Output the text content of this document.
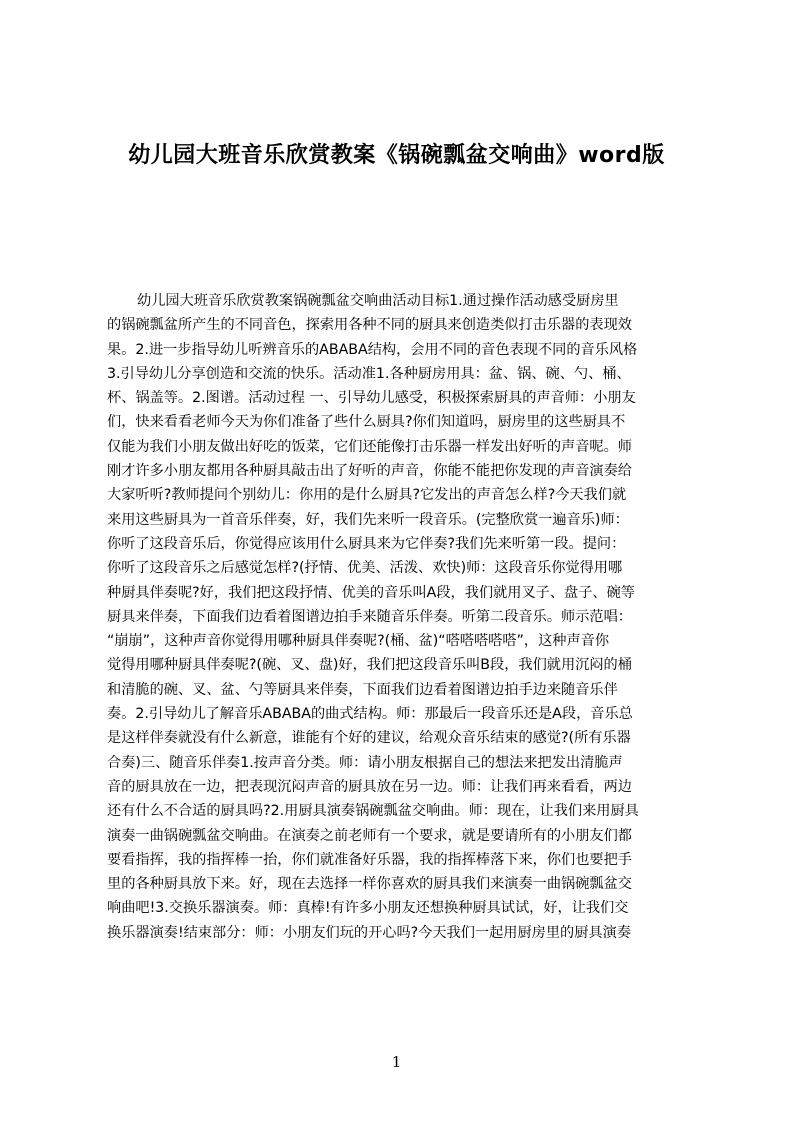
幼儿园大班音乐欣赏教案《锅碗瓢盆交响曲》word版
幼儿园大班音乐欣赏教案锅碗瓢盆交响曲活动目标1.通过操作活动感受厨房里
的锅碗瓢盆所产生的不同音色，探索用各种不同的厨具来创造类似打击乐器的表现效
果。2.进一步指导幼儿听辨音乐的ABABA结构，会用不同的音色表现不同的音乐风格
3.引导幼儿分享创造和交流的快乐。活动准1.各种厨房用具：盆、锅、碗、勺、桶、
杯、锅盖等。2.图谱。活动过程 一、引导幼儿感受，积极探索厨具的声音师：小朋友
们，快来看看老师今天为你们准备了些什么厨具?你们知道吗，厨房里的这些厨具不
仅能为我们小朋友做出好吃的饭菜，它们还能像打击乐器一样发出好听的声音呢。师
刚才许多小朋友都用各种厨具敲击出了好听的声音，你能不能把你发现的声音演奏给
大家听听?教师提问个别幼儿：你用的是什么厨具?它发出的声音怎么样?今天我们就
来用这些厨具为一首音乐伴奏，好，我们先来听一段音乐。(完整欣赏一遍音乐)师：
你听了这段音乐后，你觉得应该用什么厨具来为它伴奏?我们先来听第一段。提问：
你听了这段音乐之后感觉怎样?(抒情、优美、活泼、欢快)师：这段音乐你觉得用哪
种厨具伴奏呢?好，我们把这段抒情、优美的音乐叫A段，我们就用叉子、盘子、碗等
厨具来伴奏，下面我们边看着图谱边拍手来随音乐伴奏。听第二段音乐。师示范唱：
“崩崩”，这种声音你觉得用哪种厨具伴奏呢?(桶、盆)“嗒嗒嗒嗒嗒”，这种声音你
觉得用哪种厨具伴奏呢?(碗、叉、盘)好，我们把这段音乐叫B段，我们就用沉闷的桶
和清脆的碗、叉、盆、勺等厨具来伴奏，下面我们边看着图谱边拍手边来随音乐伴
奏。2.引导幼儿了解音乐ABABA的曲式结构。师：那最后一段音乐还是A段，音乐总
是这样伴奏就没有什么新意，谁能有个好的建议，给观众音乐结束的感觉?(所有乐器
合奏)三、随音乐伴奏1.按声音分类。师：请小朋友根据自己的想法来把发出清脆声
音的厨具放在一边，把表现沉闷声音的厨具放在另一边。师：让我们再来看看，两边
还有什么不合适的厨具吗?2.用厨具演奏锅碗瓢盆交响曲。师：现在，让我们来用厨具
演奏一曲锅碗瓢盆交响曲。在演奏之前老师有一个要求，就是要请所有的小朋友们都
要看指挥，我的指挥棒一抬，你们就准备好乐器，我的指挥棒落下来，你们也要把手
里的各种厨具放下来。好，现在去选择一样你喜欢的厨具我们来演奏一曲锅碗瓢盆交
响曲吧!3.交换乐器演奏。师：真棒!有许多小朋友还想换种厨具试试，好，让我们交
换乐器演奏!结束部分：师：小朋友们玩的开心吗?今天我们一起用厨房里的厨具演奏
1
